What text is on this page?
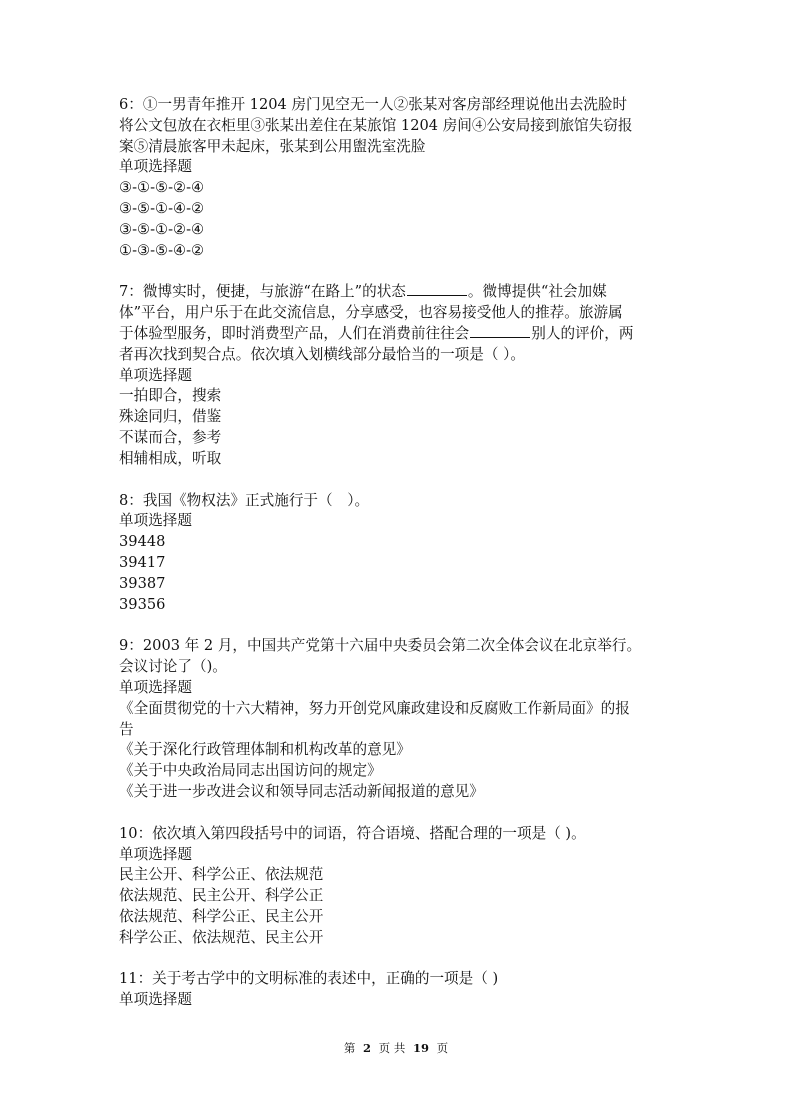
6：①一男青年推开 1204 房门见空无一人②张某对客房部经理说他出去洗脸时
将公文包放在衣柜里③张某出差住在某旅馆 1204 房间④公安局接到旅馆失窃报
案⑤清晨旅客甲未起床，张某到公用盥洗室洗脸
单项选择题
③-①-⑤-②-④
③-⑤-①-④-②
③-⑤-①-②-④
①-③-⑤-④-②
7：微博实时，便捷，与旅游“在路上”的状态	。微博提供“社会加媒
体”平台，用户乐于在此交流信息，分享感受，也容易接受他人的推荐。旅游属
于体验型服务，即时消费型产品，人们在消费前往往会	别人的评价，两
者再次找到契合点。依次填入划横线部分最恰当的一项是（ ）。
单项选择题
一拍即合，搜索
殊途同归，借鉴
不谋而合，参考
相辅相成，听取
8：我国《物权法》正式施行于（　）。
单项选择题
39448
39417
39387
39356
9：2003 年 2 月，中国共产党第十六届中央委员会第二次全体会议在北京举行。
会议讨论了（)。
单项选择题
《全面贯彻党的十六大精神，努力开创党风廉政建设和反腐败工作新局面》的报
告
《关于深化行政管理体制和机构改革的意见》
《关于中央政治局同志出国访问的规定》
《关于进一步改进会议和领导同志活动新闻报道的意见》
10：依次填入第四段括号中的词语，符合语境、搭配合理的一项是（ )。
单项选择题
民主公开、科学公正、依法规范
依法规范、民主公开、科学公正
依法规范、科学公正、民主公开
科学公正、依法规范、民主公开
11：关于考古学中的文明标准的表述中，正确的一项是（ )
单项选择题
第 2 页 共 19 页
